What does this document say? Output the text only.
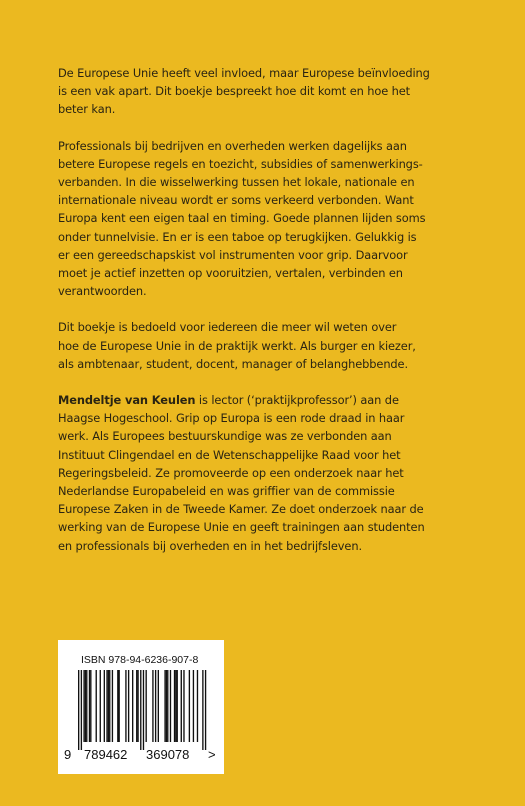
De Europese Unie heeft veel invloed, maar Europese beïnvloeding
is een vak apart. Dit boekje bespreekt hoe dit komt en hoe het
beter kan.

Professionals bij bedrijven en overheden werken dagelijks aan
betere Europese regels en toezicht, subsidies of samenwerkings-
verbanden. In die wisselwerking tussen het lokale, nationale en
internationale niveau wordt er soms verkeerd verbonden. Want
Europa kent een eigen taal en timing. Goede plannen lijden soms
onder tunnelvisie. En er is een taboe op terugkijken. Gelukkig is
er een gereedschapskist vol instrumenten voor grip. Daarvoor
moet je actief inzetten op vooruitzien, vertalen, verbinden en
verantwoorden.

Dit boekje is bedoeld voor iedereen die meer wil weten over
hoe de Europese Unie in de praktijk werkt. Als burger en kiezer,
als ambtenaar, student, docent, manager of belanghebbende.

Mendeltje van Keulen is lector (‘praktijkprofessor’) aan de
Haagse Hogeschool. Grip op Europa is een rode draad in haar
werk. Als Europees bestuurskundige was ze verbonden aan
Instituut Clingendael en de Wetenschappelijke Raad voor het
Regeringsbeleid. Ze promoveerde op een onderzoek naar het
Nederlandse Europabeleid en was griffier van de commissie
Europese Zaken in de Tweede Kamer. Ze doet onderzoek naar de
werking van de Europese Unie en geeft trainingen aan studenten
en professionals bij overheden en in het bedrijfsleven.

ISBN 978-94-6236-907-8
9 789462 369078 >
